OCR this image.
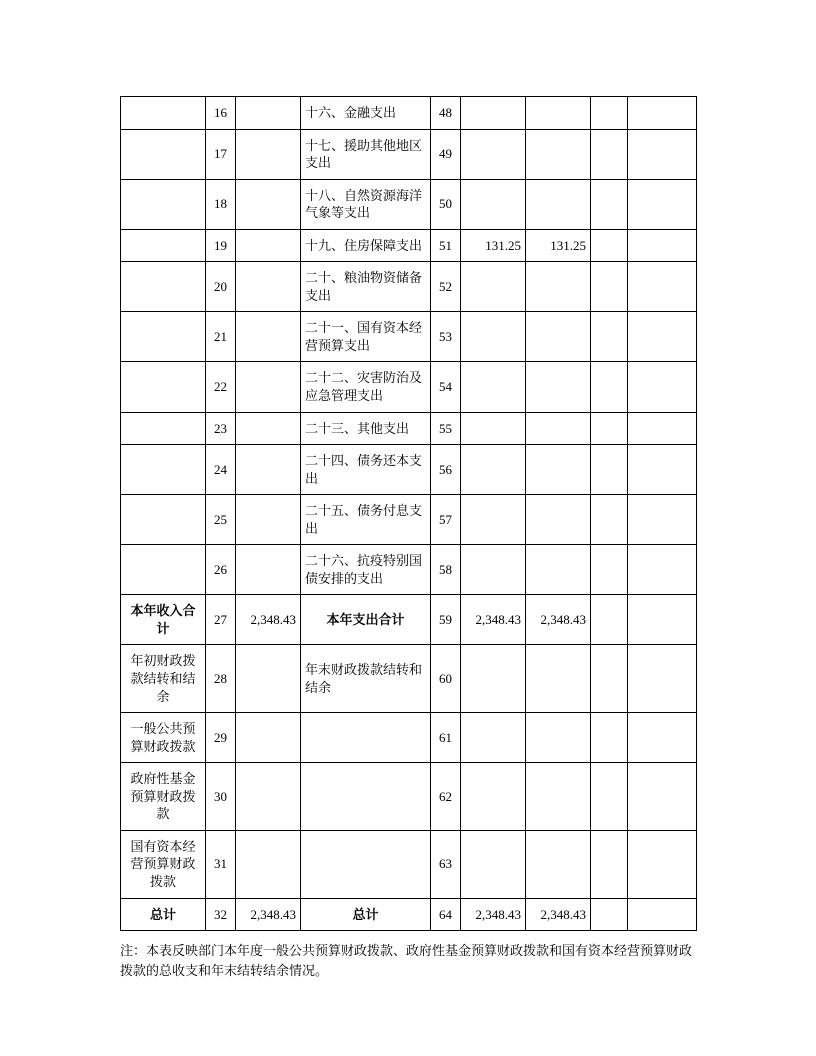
	16		十六、金融支出	48				
	17		十七、援助其他地区支出	49				
	18		十八、自然资源海洋气象等支出	50				
	19		十九、住房保障支出	51	131.25	131.25		
	20		二十、粮油物资储备支出	52				
	21		二十一、国有资本经营预算支出	53				
	22		二十二、灾害防治及应急管理支出	54				
	23		二十三、其他支出	55				
	24		二十四、债务还本支出	56				
	25		二十五、债务付息支出	57				
	26		二十六、抗疫特别国债安排的支出	58				
本年收入合计	27	2,348.43	本年支出合计	59	2,348.43	2,348.43		
年初财政拨款结转和结余	28		年末财政拨款结转和结余	60				
一般公共预算财政拨款	29			61				
政府性基金预算财政拨款	30			62				
国有资本经营预算财政拨款	31			63				
总计	32	2,348.43	总计	64	2,348.43	2,348.43		

注：本表反映部门本年度一般公共预算财政拨款、政府性基金预算财政拨款和国有资本经营预算财政拨款的总收支和年末结转结余情况。
